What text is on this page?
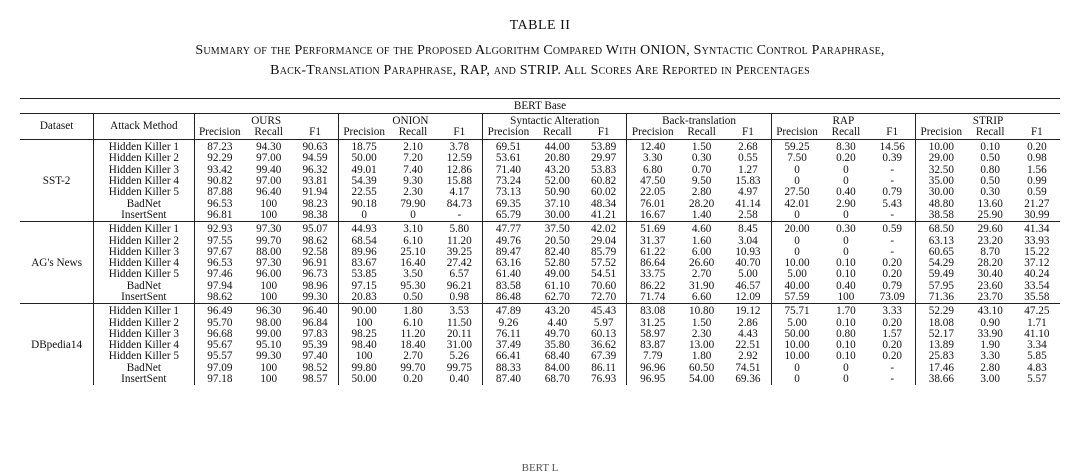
TABLE II
Summary of the Performance of the Proposed Algorithm Compared With ONION, Syntactic Control Paraphrase,
Back-Translation Paraphrase, RAP, and STRIP. All Scores Are Reported in Percentages
BERT Base																			
Dataset	Attack Method	OURS			ONION			Syntactic Alteration			Back-translation			RAP			STRIP		
		Precision	Recall	F1	Precision	Recall	F1	Precision	Recall	F1	Precision	Recall	F1	Precision	Recall	F1	Precision	Recall	F1
SST-2	Hidden Killer 1	87.23	94.30	90.63	18.75	2.10	3.78	69.51	44.00	53.89	12.40	1.50	2.68	59.25	8.30	14.56	10.00	0.10	0.20
	Hidden Killer 2	92.29	97.00	94.59	50.00	7.20	12.59	53.61	20.80	29.97	3.30	0.30	0.55	7.50	0.20	0.39	29.00	0.50	0.98
	Hidden Killer 3	93.42	99.40	96.32	49.01	7.40	12.86	71.40	43.20	53.83	6.80	0.70	1.27	0	0	-	32.50	0.80	1.56
	Hidden Killer 4	90.82	97.00	93.81	54.39	9.30	15.88	73.24	52.00	60.82	47.50	9.50	15.83	0	0	-	35.00	0.50	0.99
	Hidden Killer 5	87.88	96.40	91.94	22.55	2.30	4.17	73.13	50.90	60.02	22.05	2.80	4.97	27.50	0.40	0.79	30.00	0.30	0.59
	BadNet	96.53	100	98.23	90.18	79.90	84.73	69.35	37.10	48.34	76.01	28.20	41.14	42.01	2.90	5.43	48.80	13.60	21.27
	InsertSent	96.81	100	98.38	0	0	-	65.79	30.00	41.21	16.67	1.40	2.58	0	0	-	38.58	25.90	30.99
AG's News	Hidden Killer 1	92.93	97.30	95.07	44.93	3.10	5.80	47.77	37.50	42.02	51.69	4.60	8.45	20.00	0.30	0.59	68.50	29.60	41.34
	Hidden Killer 2	97.55	99.70	98.62	68.54	6.10	11.20	49.76	20.50	29.04	31.37	1.60	3.04	0	0	-	63.13	23.20	33.93
	Hidden Killer 3	97.67	88.00	92.58	89.96	25.10	39.25	89.47	82.40	85.79	61.22	6.00	10.93	0	0	-	60.65	8.70	15.22
	Hidden Killer 4	96.53	97.30	96.91	83.67	16.40	27.42	63.16	52.80	57.52	86.64	26.60	40.70	10.00	0.10	0.20	54.29	28.20	37.12
	Hidden Killer 5	97.46	96.00	96.73	53.85	3.50	6.57	61.40	49.00	54.51	33.75	2.70	5.00	5.00	0.10	0.20	59.49	30.40	40.24
	BadNet	97.94	100	98.96	97.15	95.30	96.21	83.58	61.10	70.60	86.22	31.90	46.57	40.00	0.40	0.79	57.95	23.60	33.54
	InsertSent	98.62	100	99.30	20.83	0.50	0.98	86.48	62.70	72.70	71.74	6.60	12.09	57.59	100	73.09	71.36	23.70	35.58
DBpedia14	Hidden Killer 1	96.49	96.30	96.40	90.00	1.80	3.53	47.89	43.20	45.43	83.08	10.80	19.12	75.71	1.70	3.33	52.29	43.10	47.25
	Hidden Killer 2	95.70	98.00	96.84	100	6.10	11.50	9.26	4.40	5.97	31.25	1.50	2.86	5.00	0.10	0.20	18.08	0.90	1.71
	Hidden Killer 3	96.68	99.00	97.83	98.25	11.20	20.11	76.11	49.70	60.13	58.97	2.30	4.43	50.00	0.80	1.57	52.17	33.90	41.10
	Hidden Killer 4	95.67	95.10	95.39	98.40	18.40	31.00	37.49	35.80	36.62	83.87	13.00	22.51	10.00	0.10	0.20	13.89	1.90	3.34
	Hidden Killer 5	95.57	99.30	97.40	100	2.70	5.26	66.41	68.40	67.39	7.79	1.80	2.92	10.00	0.10	0.20	25.83	3.30	5.85
	BadNet	97.09	100	98.52	99.80	99.70	99.75	88.33	84.00	86.11	96.96	60.50	74.51	0	0	-	17.46	2.80	4.83
	InsertSent	97.18	100	98.57	50.00	0.20	0.40	87.40	68.70	76.93	96.95	54.00	69.36	0	0	-	38.66	3.00	5.57
BERT L
